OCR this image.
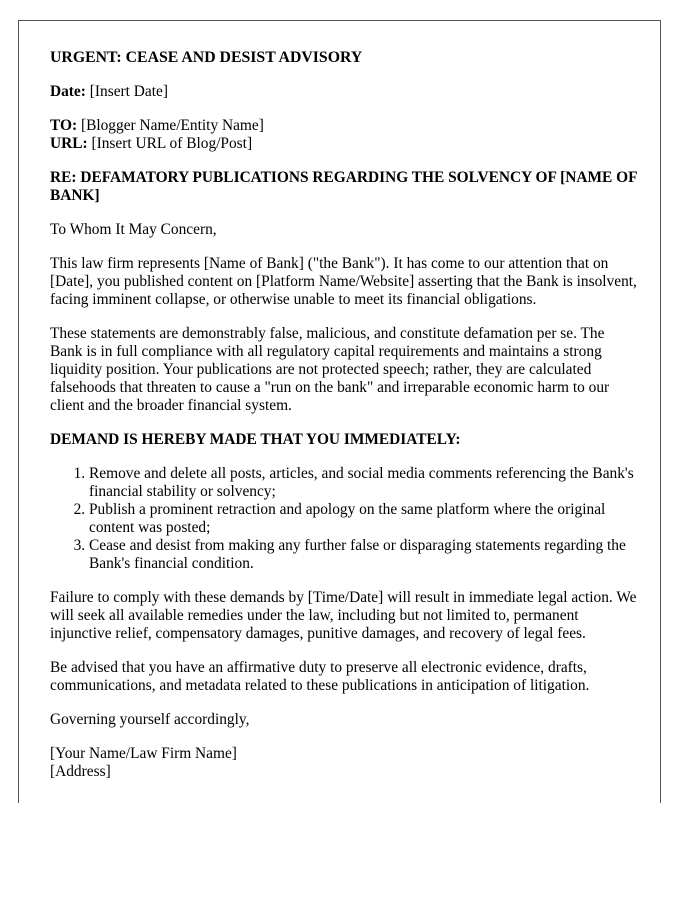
URGENT: CEASE AND DESIST ADVISORY
Date: [Insert Date]
TO: [Blogger Name/Entity Name]
URL: [Insert URL of Blog/Post]
RE: DEFAMATORY PUBLICATIONS REGARDING THE SOLVENCY OF [NAME OF BANK]
To Whom It May Concern,
This law firm represents [Name of Bank] ("the Bank"). It has come to our attention that on [Date], you published content on [Platform Name/Website] asserting that the Bank is insolvent, facing imminent collapse, or otherwise unable to meet its financial obligations.
These statements are demonstrably false, malicious, and constitute defamation per se. The Bank is in full compliance with all regulatory capital requirements and maintains a strong liquidity position. Your publications are not protected speech; rather, they are calculated falsehoods that threaten to cause a "run on the bank" and irreparable economic harm to our client and the broader financial system.
DEMAND IS HEREBY MADE THAT YOU IMMEDIATELY:
1. Remove and delete all posts, articles, and social media comments referencing the Bank's financial stability or solvency;
2. Publish a prominent retraction and apology on the same platform where the original content was posted;
3. Cease and desist from making any further false or disparaging statements regarding the Bank's financial condition.
Failure to comply with these demands by [Time/Date] will result in immediate legal action. We will seek all available remedies under the law, including but not limited to, permanent injunctive relief, compensatory damages, punitive damages, and recovery of legal fees.
Be advised that you have an affirmative duty to preserve all electronic evidence, drafts, communications, and metadata related to these publications in anticipation of litigation.
Governing yourself accordingly,
[Your Name/Law Firm Name]
[Address]
